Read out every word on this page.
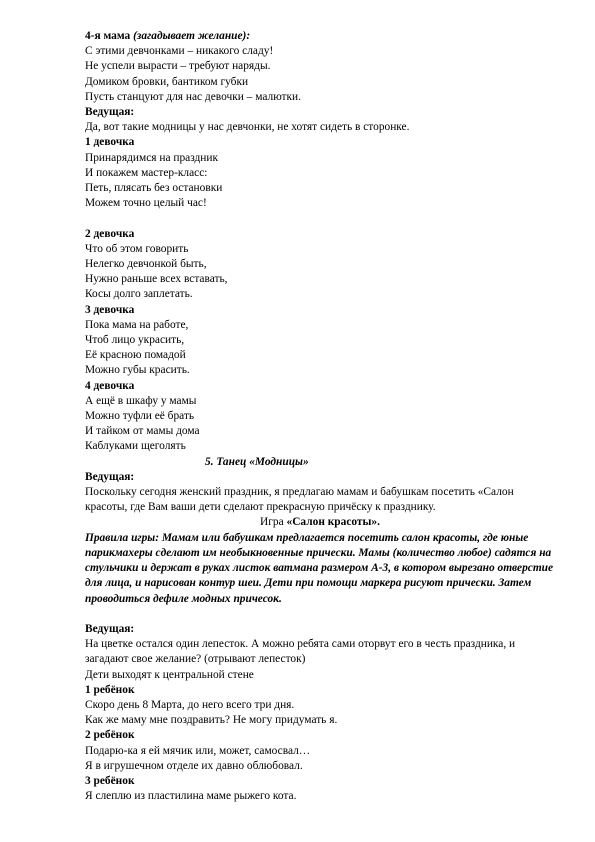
4-я мама (загадывает желание):
С этими девчонками – никакого сладу!
Не успели вырасти – требуют наряды.
Домиком бровки, бантиком губки
Пусть станцуют для нас девочки – малютки.
Ведущая:
Да, вот такие модницы у нас девчонки, не хотят сидеть в сторонке.
1 девочка
Принарядимся на праздник
И покажем мастер-класс:
Петь, плясать без остановки
Можем точно целый час!
2 девочка
Что об этом говорить
Нелегко девчонкой быть,
Нужно раньше всех вставать,
Косы долго заплетать.
3 девочка
Пока мама на работе,
Чтоб лицо украсить,
Её красною помадой
Можно губы красить.
4 девочка
А ещё в шкафу у мамы
Можно туфли её брать
И тайком от мамы дома
Каблуками щеголять
5. Танец «Модницы»
Ведущая:
Поскольку сегодня женский праздник, я предлагаю мамам и бабушкам посетить «Салон красоты, где Вам ваши дети сделают прекрасную причёску к празднику.
Игра «Салон красоты».
Правила игры: Мамам или бабушкам предлагается посетить салон красоты, где юные парикмахеры сделают им необыкновенные прически. Мамы (количество любое) садятся на стульчики и держат в руках листок ватмана размером А-3, в котором вырезано отверстие для лица, и нарисован контур шеи. Дети при помощи маркера рисуют прически. Затем проводиться дефиле модных причесок.
Ведущая:
На цветке остался один лепесток. А можно ребята сами оторвут его в честь праздника, и загадают свое желание? (отрывают лепесток)
Дети выходят к центральной стене
1 ребёнок
Скоро день 8 Марта, до него всего три дня.
Как же маму мне поздравить? Не могу придумать я.
2 ребёнок
Подарю-ка я ей мячик или, может, самосвал…
Я в игрушечном отделе их давно облюбовал.
3 ребёнок
Я слеплю из пластилина маме рыжего кота.
